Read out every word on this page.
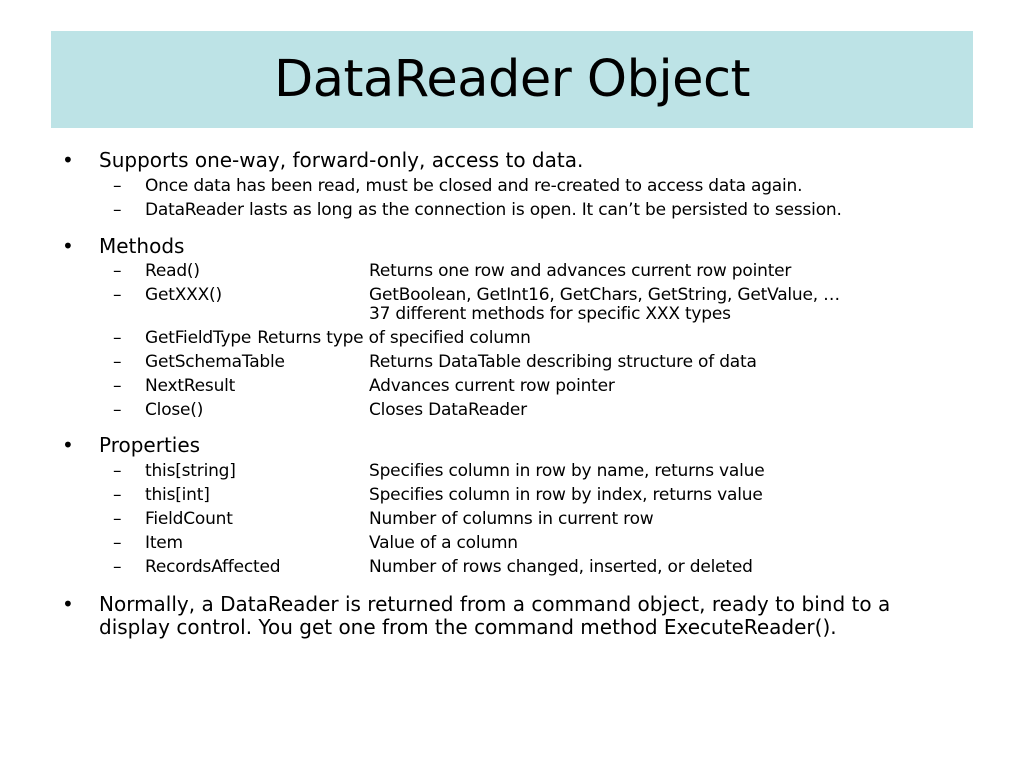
DataReader Object
•	Supports one-way, forward-only, access to data.
–	Once data has been read, must be closed and re-created to access data again.
–	DataReader lasts as long as the connection is open. It can’t be persisted to session.
•	Methods
–	Read()	Returns one row and advances current row pointer
–	GetXXX()	GetBoolean, GetInt16, GetChars, GetString, GetValue, …
37 different methods for specific XXX types
–	GetFieldType Returns type of specified column
–	GetSchemaTable	Returns DataTable describing structure of data
–	NextResult	Advances current row pointer
–	Close()	Closes DataReader
•	Properties
–	this[string]	Specifies column in row by name, returns value
–	this[int]	Specifies column in row by index, returns value
–	FieldCount	Number of columns in current row
–	Item	Value of a column
–	RecordsAffected	Number of rows changed, inserted, or deleted
•	Normally, a DataReader is returned from a command object, ready to bind to a
display control. You get one from the command method ExecuteReader().
